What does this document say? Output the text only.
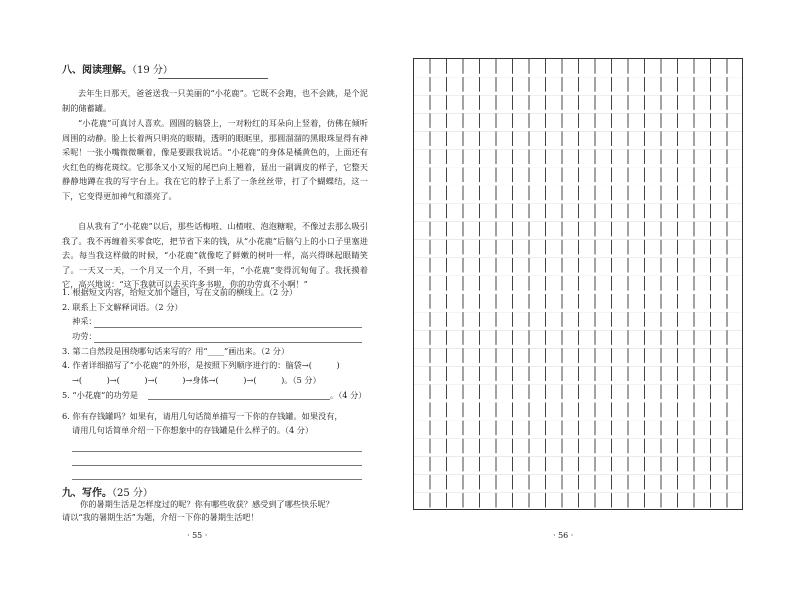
八、阅读理解。（19 分）

去年生日那天，爸爸送我一只美丽的“小花鹿”。它既不会跑，也不会跳，是个泥制的储蓄罐。

“小花鹿”可真讨人喜欢。圆圆的脑袋上，一对粉红的耳朵向上竖着，仿佛在倾听周围的动静。脸上长着两只明亮的眼睛，透明的眼眶里，那圆溜溜的黑眼珠显得有神采呢！一张小嘴微微噘着，像是要跟我说话。“小花鹿”的身体是橘黄色的，上面还有火红色的梅花斑纹。它那条又小又短的尾巴向上翘着，显出一副调皮的样子，它整天静静地蹲在我的写字台上。我在它的脖子上系了一条丝丝带，打了个蝴蝶结，这一下，它变得更加神气和漂亮了。

自从我有了“小花鹿”以后，那些话梅啦、山楂啦、泡泡糖啦，不像过去那么吸引我了。我不再缠着买零食吃，把节省下来的钱，从“小花鹿”后脑勺上的小口子里塞进去。每当我这样做的时候，“小花鹿”就像吃了鲜嫩的树叶一样，高兴得眯起眼睛笑了。一天又一天，一个月又一个月，不到一年，“小花鹿”变得沉甸甸了。我抚摸着它，高兴地说：“这下我就可以去买许多书啦，你的功劳真不小啊！”

1. 根据短文内容，给短文加个题目，写在文前的横线上。（2 分）
2. 联系上下文解释词语。（2 分）
神采：
功劳：
3. 第二自然段是围绕哪句话来写的？用“____”画出来。（2 分）
4. 作者详细描写了“小花鹿”的外形，是按照下列顺序进行的：脑袋→(　　　)
→(　　　)→(　　　)→(　　　)→身体→(　　　)→(　　　)。（5 分）
5. “小花鹿”的功劳是	。（4 分）
6. 你有存钱罐吗？如果有，请用几句话简单描写一下你的存钱罐。如果没有，
请用几句话简单介绍一下你想象中的存钱罐是什么样子的。（4 分）
九、写作。（25 分）
你的暑期生活是怎样度过的呢？你有哪些收获？感受到了哪些快乐呢？
请以“我的暑期生活”为题，介绍一下你的暑期生活吧！
· 55 ·	· 56 ·
